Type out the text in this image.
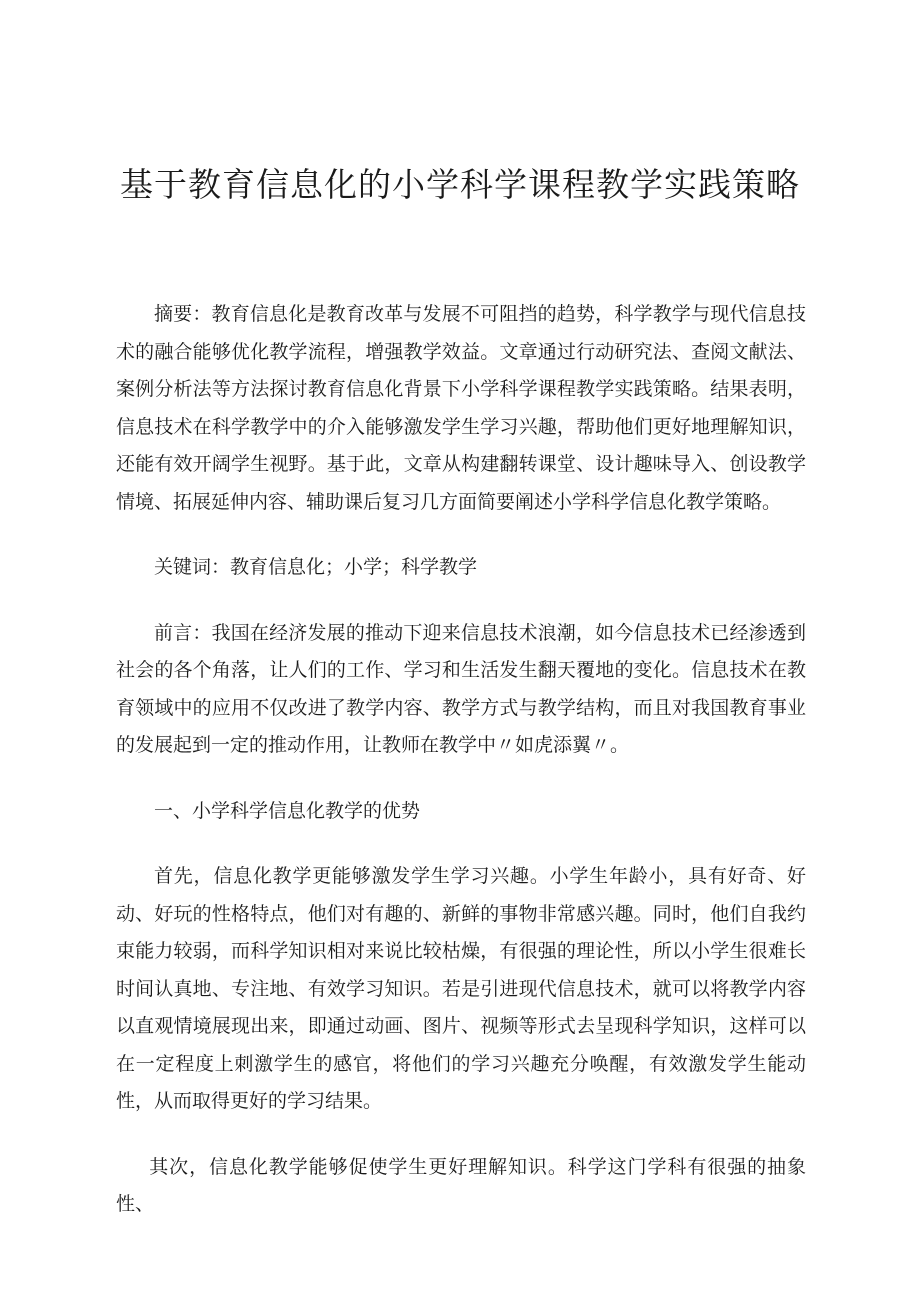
基于教育信息化的小学科学课程教学实践策略

摘要：教育信息化是教育改革与发展不可阻挡的趋势，科学教学与现代信息技术的融合能够优化教学流程，增强教学效益。文章通过行动研究法、查阅文献法、案例分析法等方法探讨教育信息化背景下小学科学课程教学实践策略。结果表明，信息技术在科学教学中的介入能够激发学生学习兴趣，帮助他们更好地理解知识，还能有效开阔学生视野。基于此，文章从构建翻转课堂、设计趣味导入、创设教学情境、拓展延伸内容、辅助课后复习几方面简要阐述小学科学信息化教学策略。

关键词：教育信息化；小学；科学教学

前言：我国在经济发展的推动下迎来信息技术浪潮，如今信息技术已经渗透到社会的各个角落，让人们的工作、学习和生活发生翻天覆地的变化。信息技术在教育领域中的应用不仅改进了教学内容、教学方式与教学结构，而且对我国教育事业的发展起到一定的推动作用，让教师在教学中〃如虎添翼〃。

一、小学科学信息化教学的优势

首先，信息化教学更能够激发学生学习兴趣。小学生年龄小，具有好奇、好动、好玩的性格特点，他们对有趣的、新鲜的事物非常感兴趣。同时，他们自我约束能力较弱，而科学知识相对来说比较枯燥，有很强的理论性，所以小学生很难长时间认真地、专注地、有效学习知识。若是引进现代信息技术，就可以将教学内容以直观情境展现出来，即通过动画、图片、视频等形式去呈现科学知识，这样可以在一定程度上刺激学生的感官，将他们的学习兴趣充分唤醒，有效激发学生能动性，从而取得更好的学习结果。

其次，信息化教学能够促使学生更好理解知识。科学这门学科有很强的抽象性、
